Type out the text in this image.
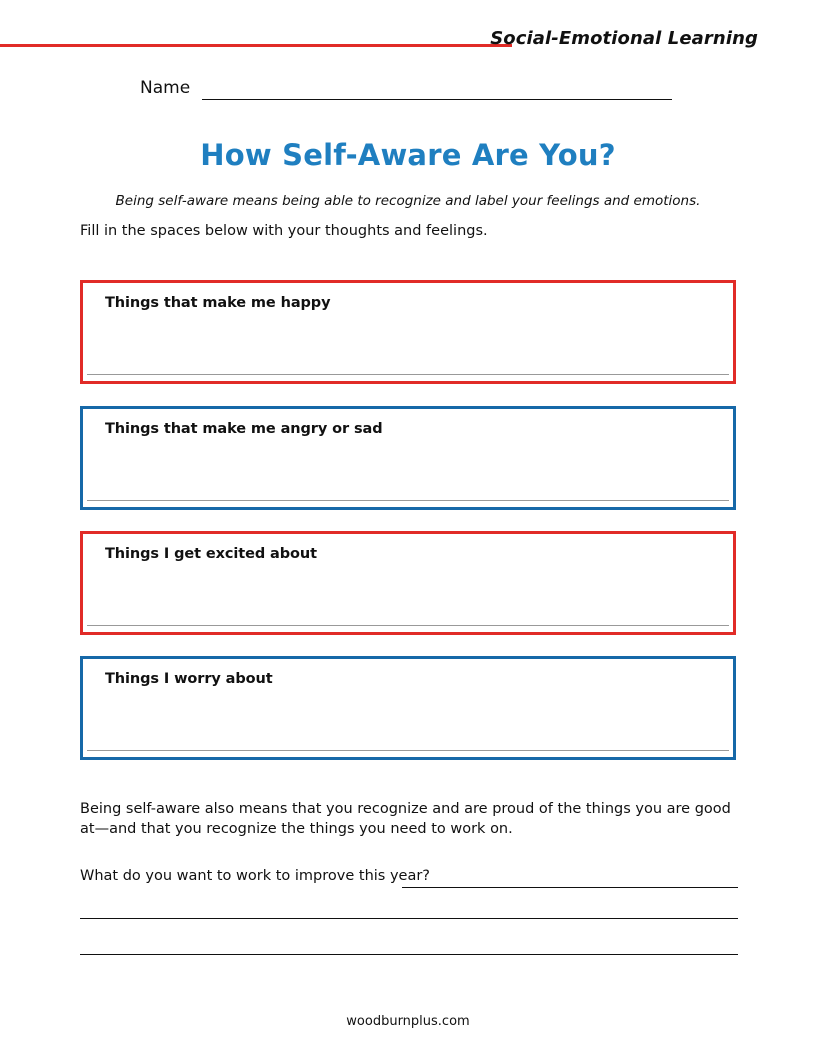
Social-Emotional Learning
Name
How Self-Aware Are You?
Being self-aware means being able to recognize and label your feelings and emotions.
Fill in the spaces below with your thoughts and feelings.
Things that make me happy
Things that make me angry or sad
Things I get excited about
Things I worry about
Being self-aware also means that you recognize and are proud of the things you are good at—and that you recognize the things you need to work on.
What do you want to work to improve this year?
woodburnplus.com
